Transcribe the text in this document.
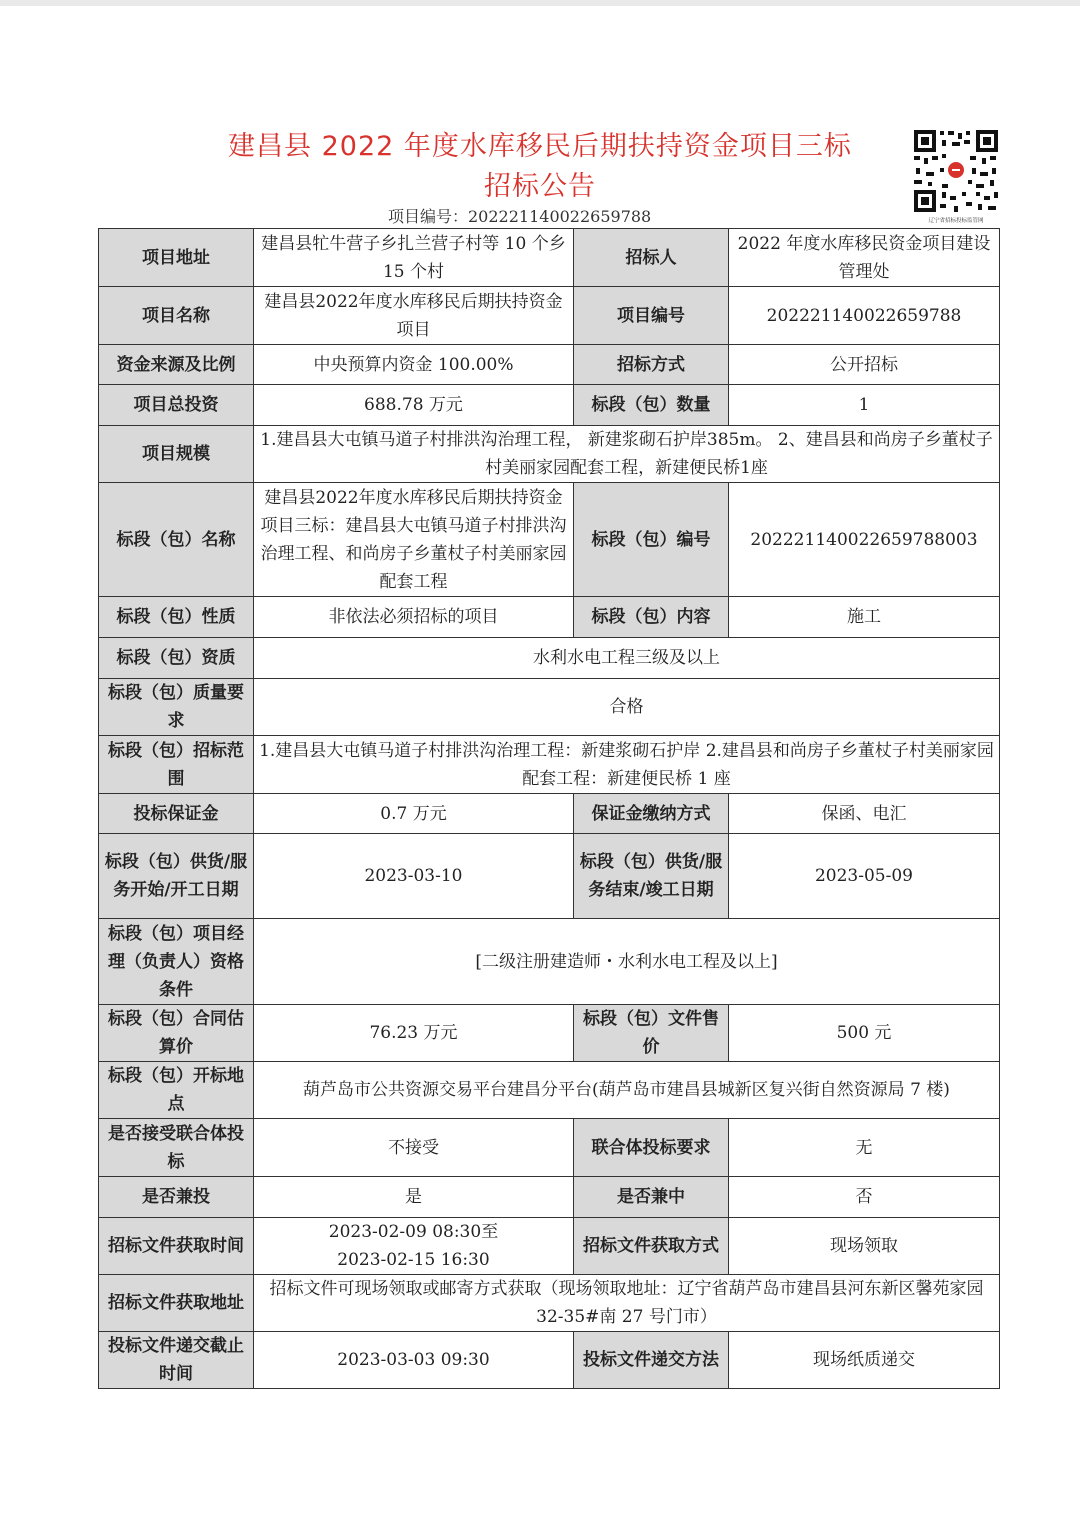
建昌县 2022 年度水库移民后期扶持资金项目三标
招标公告
项目编号：202221140022659788	辽宁省招标投标监管网
项目地址	建昌县牤牛营子乡扎兰营子村等 10 个乡 15 个村	招标人	2022 年度水库移民资金项目建设管理处
项目名称	建昌县2022年度水库移民后期扶持资金项目	项目编号	202221140022659788
资金来源及比例	中央预算内资金 100.00%	招标方式	公开招标
项目总投资	688.78 万元	标段（包）数量	1
项目规模	1.建昌县大屯镇马道子村排洪沟治理工程， 新建浆砌石护岸385m。 2、建昌县和尚房子乡董杖子村美丽家园配套工程，新建便民桥1座		
标段（包）名称	建昌县2022年度水库移民后期扶持资金项目三标：建昌县大屯镇马道子村排洪沟治理工程、和尚房子乡董杖子村美丽家园配套工程	标段（包）编号	202221140022659788003
标段（包）性质	非依法必须招标的项目	标段（包）内容	施工
标段（包）资质	水利水电工程三级及以上		
标段（包）质量要求	合格		
标段（包）招标范围	1.建昌县大屯镇马道子村排洪沟治理工程：新建浆砌石护岸 2.建昌县和尚房子乡董杖子村美丽家园配套工程：新建便民桥 1 座		
投标保证金	0.7 万元	保证金缴纳方式	保函、电汇
标段（包）供货/服务开始/开工日期	2023-03-10	标段（包）供货/服务结束/竣工日期	2023-05-09
标段（包）项目经理（负责人）资格条件	[二级注册建造师・水利水电工程及以上]		
标段（包）合同估算价	76.23 万元	标段（包）文件售价	500 元
标段（包）开标地点	葫芦岛市公共资源交易平台建昌分平台(葫芦岛市建昌县城新区复兴街自然资源局 7 楼)		
是否接受联合体投标	不接受	联合体投标要求	无
是否兼投	是	是否兼中	否
招标文件获取时间	2023-02-09 08:30至
2023-02-15 16:30	招标文件获取方式	现场领取
招标文件获取地址	招标文件可现场领取或邮寄方式获取（现场领取地址：辽宁省葫芦岛市建昌县河东新区馨苑家园 32-35#南 27 号门市）		
投标文件递交截止时间	2023-03-03 09:30	投标文件递交方法	现场纸质递交
